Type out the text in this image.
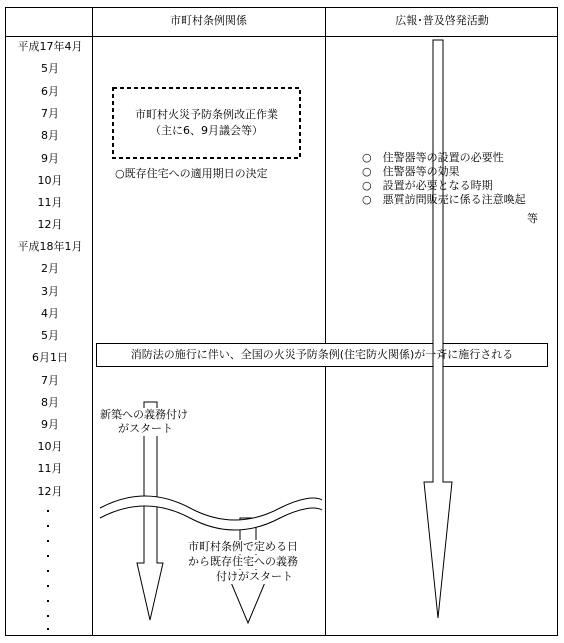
市町村条例関係	広報･普及啓発活動
平成17年4月
5月
6月
7月
8月
9月
10月
11月
12月
平成18年1月
2月
3月
4月
5月
6月1日
7月
8月
9月
10月
11月
12月
市町村火災予防条例改正作業
（主に6、9月議会等）
○既存住宅への適用期日の決定
○　住警器等の設置の必要性
○　住警器等の効果
○　設置が必要となる時期
○　悪質訪問販売に係る注意喚起
等
消防法の施行に伴い、全国の火災予防条例(住宅防火関係)が一斉に施行される
新築への義務付け
がスタート
市町村条例で定める日
から既存住宅への義務
付けがスタート
